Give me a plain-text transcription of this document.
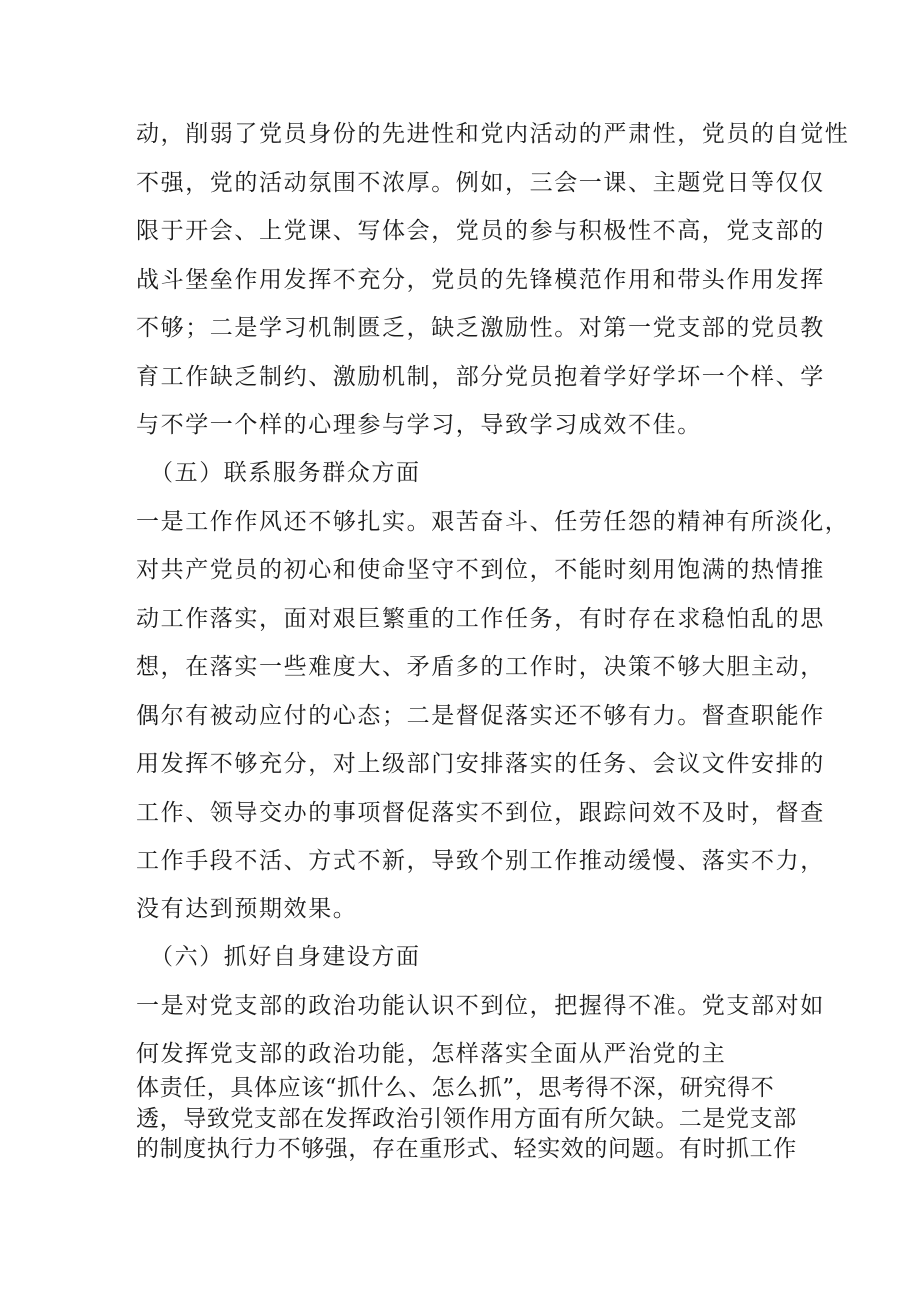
动，削弱了党员身份的先进性和党内活动的严肃性，党员的自觉性
不强，党的活动氛围不浓厚。例如，三会一课、主题党日等仅仅
限于开会、上党课、写体会，党员的参与积极性不高，党支部的
战斗堡垒作用发挥不充分，党员的先锋模范作用和带头作用发挥
不够；二是学习机制匮乏，缺乏激励性。对第一党支部的党员教
育工作缺乏制约、激励机制，部分党员抱着学好学坏一个样、学
与不学一个样的心理参与学习，导致学习成效不佳。
（五）联系服务群众方面
一是工作作风还不够扎实。艰苦奋斗、任劳任怨的精神有所淡化，
对共产党员的初心和使命坚守不到位，不能时刻用饱满的热情推
动工作落实，面对艰巨繁重的工作任务，有时存在求稳怕乱的思
想，在落实一些难度大、矛盾多的工作时，决策不够大胆主动，
偶尔有被动应付的心态；二是督促落实还不够有力。督查职能作
用发挥不够充分，对上级部门安排落实的任务、会议文件安排的
工作、领导交办的事项督促落实不到位，跟踪问效不及时，督查
工作手段不活、方式不新，导致个别工作推动缓慢、落实不力，
没有达到预期效果。
（六）抓好自身建设方面
一是对党支部的政治功能认识不到位，把握得不准。党支部对如
何发挥党支部的政治功能，怎样落实全面从严治党的主
体责任，具体应该“抓什么、怎么抓”，思考得不深，研究得不
透，导致党支部在发挥政治引领作用方面有所欠缺。二是党支部
的制度执行力不够强，存在重形式、轻实效的问题。有时抓工作
